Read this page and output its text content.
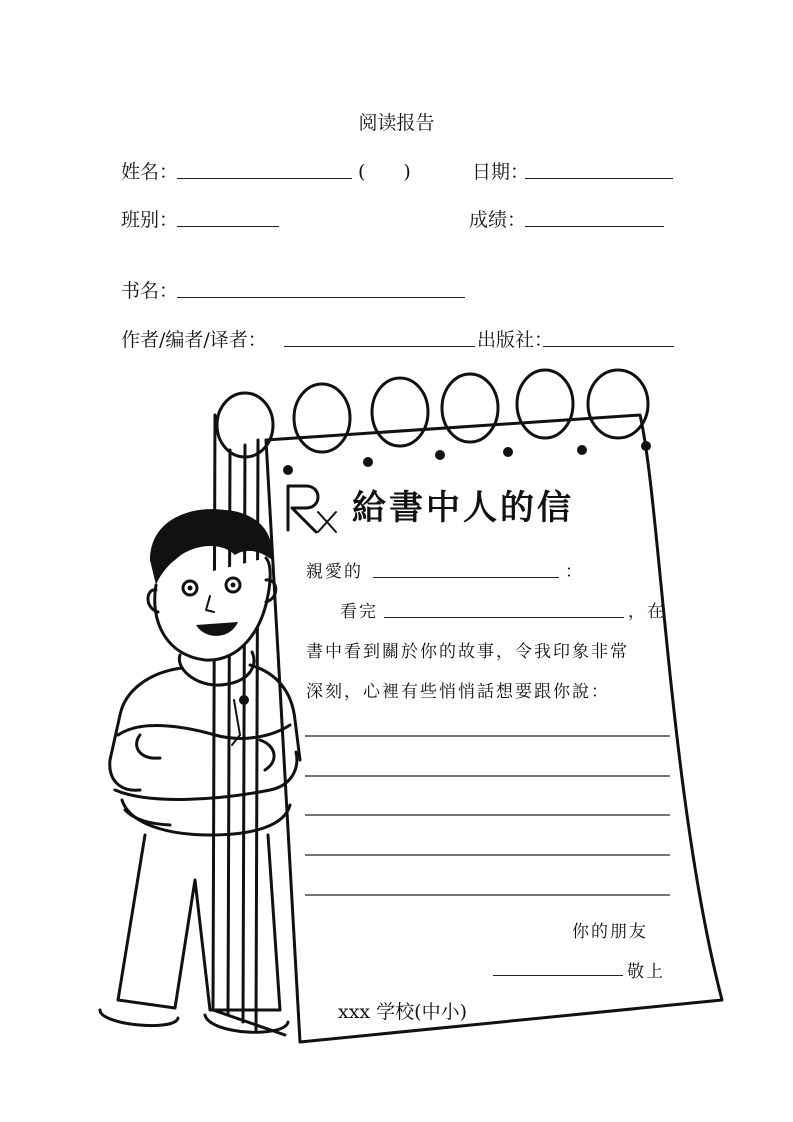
阅读报告
姓名：	(　　)	日期：
班别：	成绩：
书名：
作者/编者/译者：	出版社：
給書中人的信
親愛的	：
看完	，在
書中看到關於你的故事，令我印象非常
深刻，心裡有些悄悄話想要跟你說：
你的朋友
敬上
xxx 学校(中小)
